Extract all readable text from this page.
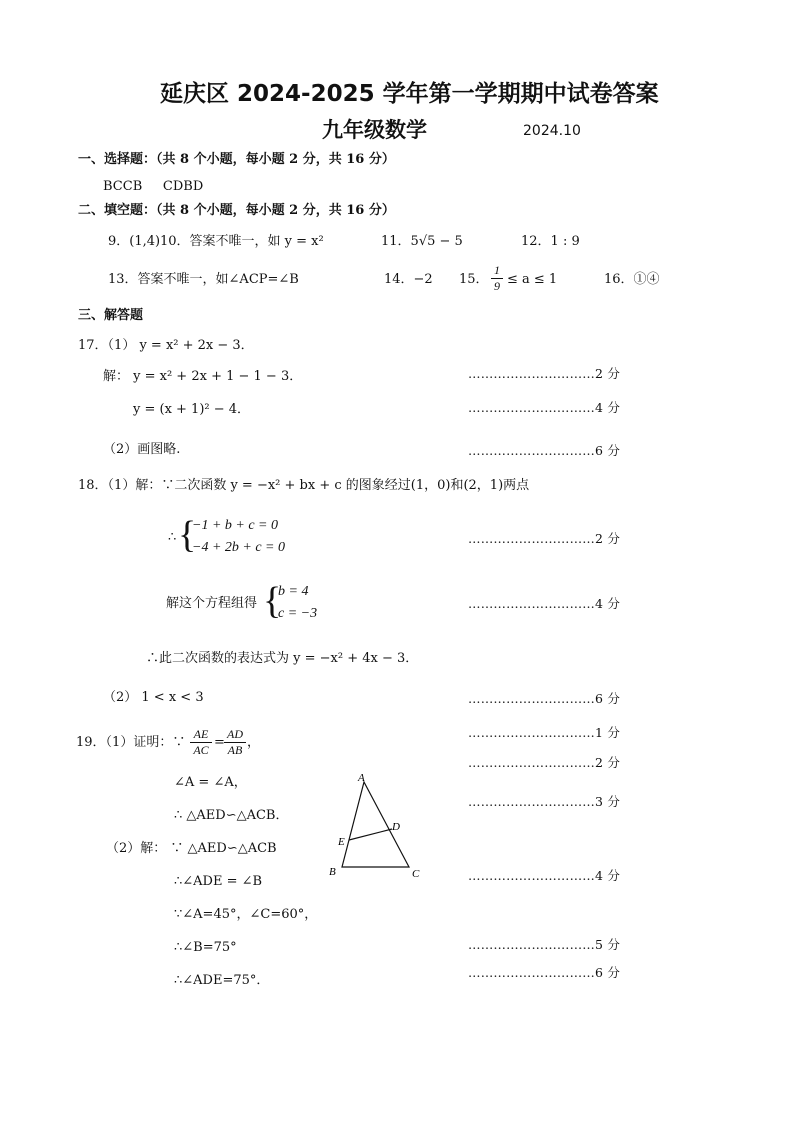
延庆区 2024-2025 学年第一学期期中试卷答案
九年级数学	2024.10
一、选择题：（共 8 个小题，每小题 2 分，共 16 分）
BCCB     CDBD
二、填空题：（共 8 个小题，每小题 2 分，共 16 分）
9．(1,4) 10．答案不唯一，如 y = x²	11．5√5 − 5	12．1 : 9
13．答案不唯一，如∠ACP=∠B	14．−2 15． $\frac{1}{9} \le a \le 1$	16．①④
三、解答题
17．（1） y = x² + 2x − 3．
解： y = x² + 2x + 1 − 1 − 3．	…………………………2 分
y = (x + 1)² − 4．	…………………………4 分
（2）画图略.	…………………………6 分
18．（1）解：∵二次函数 y = −x² + bx + c 的图象经过(1，0)和(2，1)两点
∴ {
−1 + b + c = 0
−4 + 2b + c = 0
…………………………2 分
解这个方程组得 {
b = 4
c = −3
…………………………4 分
∴此二次函数的表达式为 y = −x² + 4x − 3．
（2） 1 < x < 3	…………………………6 分
19．（1）证明：∵ $\frac{AE}{AC} = \frac{AD}{AB}$ ，
…………………………1 分
∠A = ∠A，
…………………………2 分
∴ △AED∽△ACB．
…………………………3 分
（2）解： ∵ △AED∽△ACB
∴∠ADE = ∠B	…………………………4 分
∵∠A=45°，∠C=60°，
∴∠B=75°	…………………………5 分
∴∠ADE=75°．
…………………………6 分
A
B	C
D
E
